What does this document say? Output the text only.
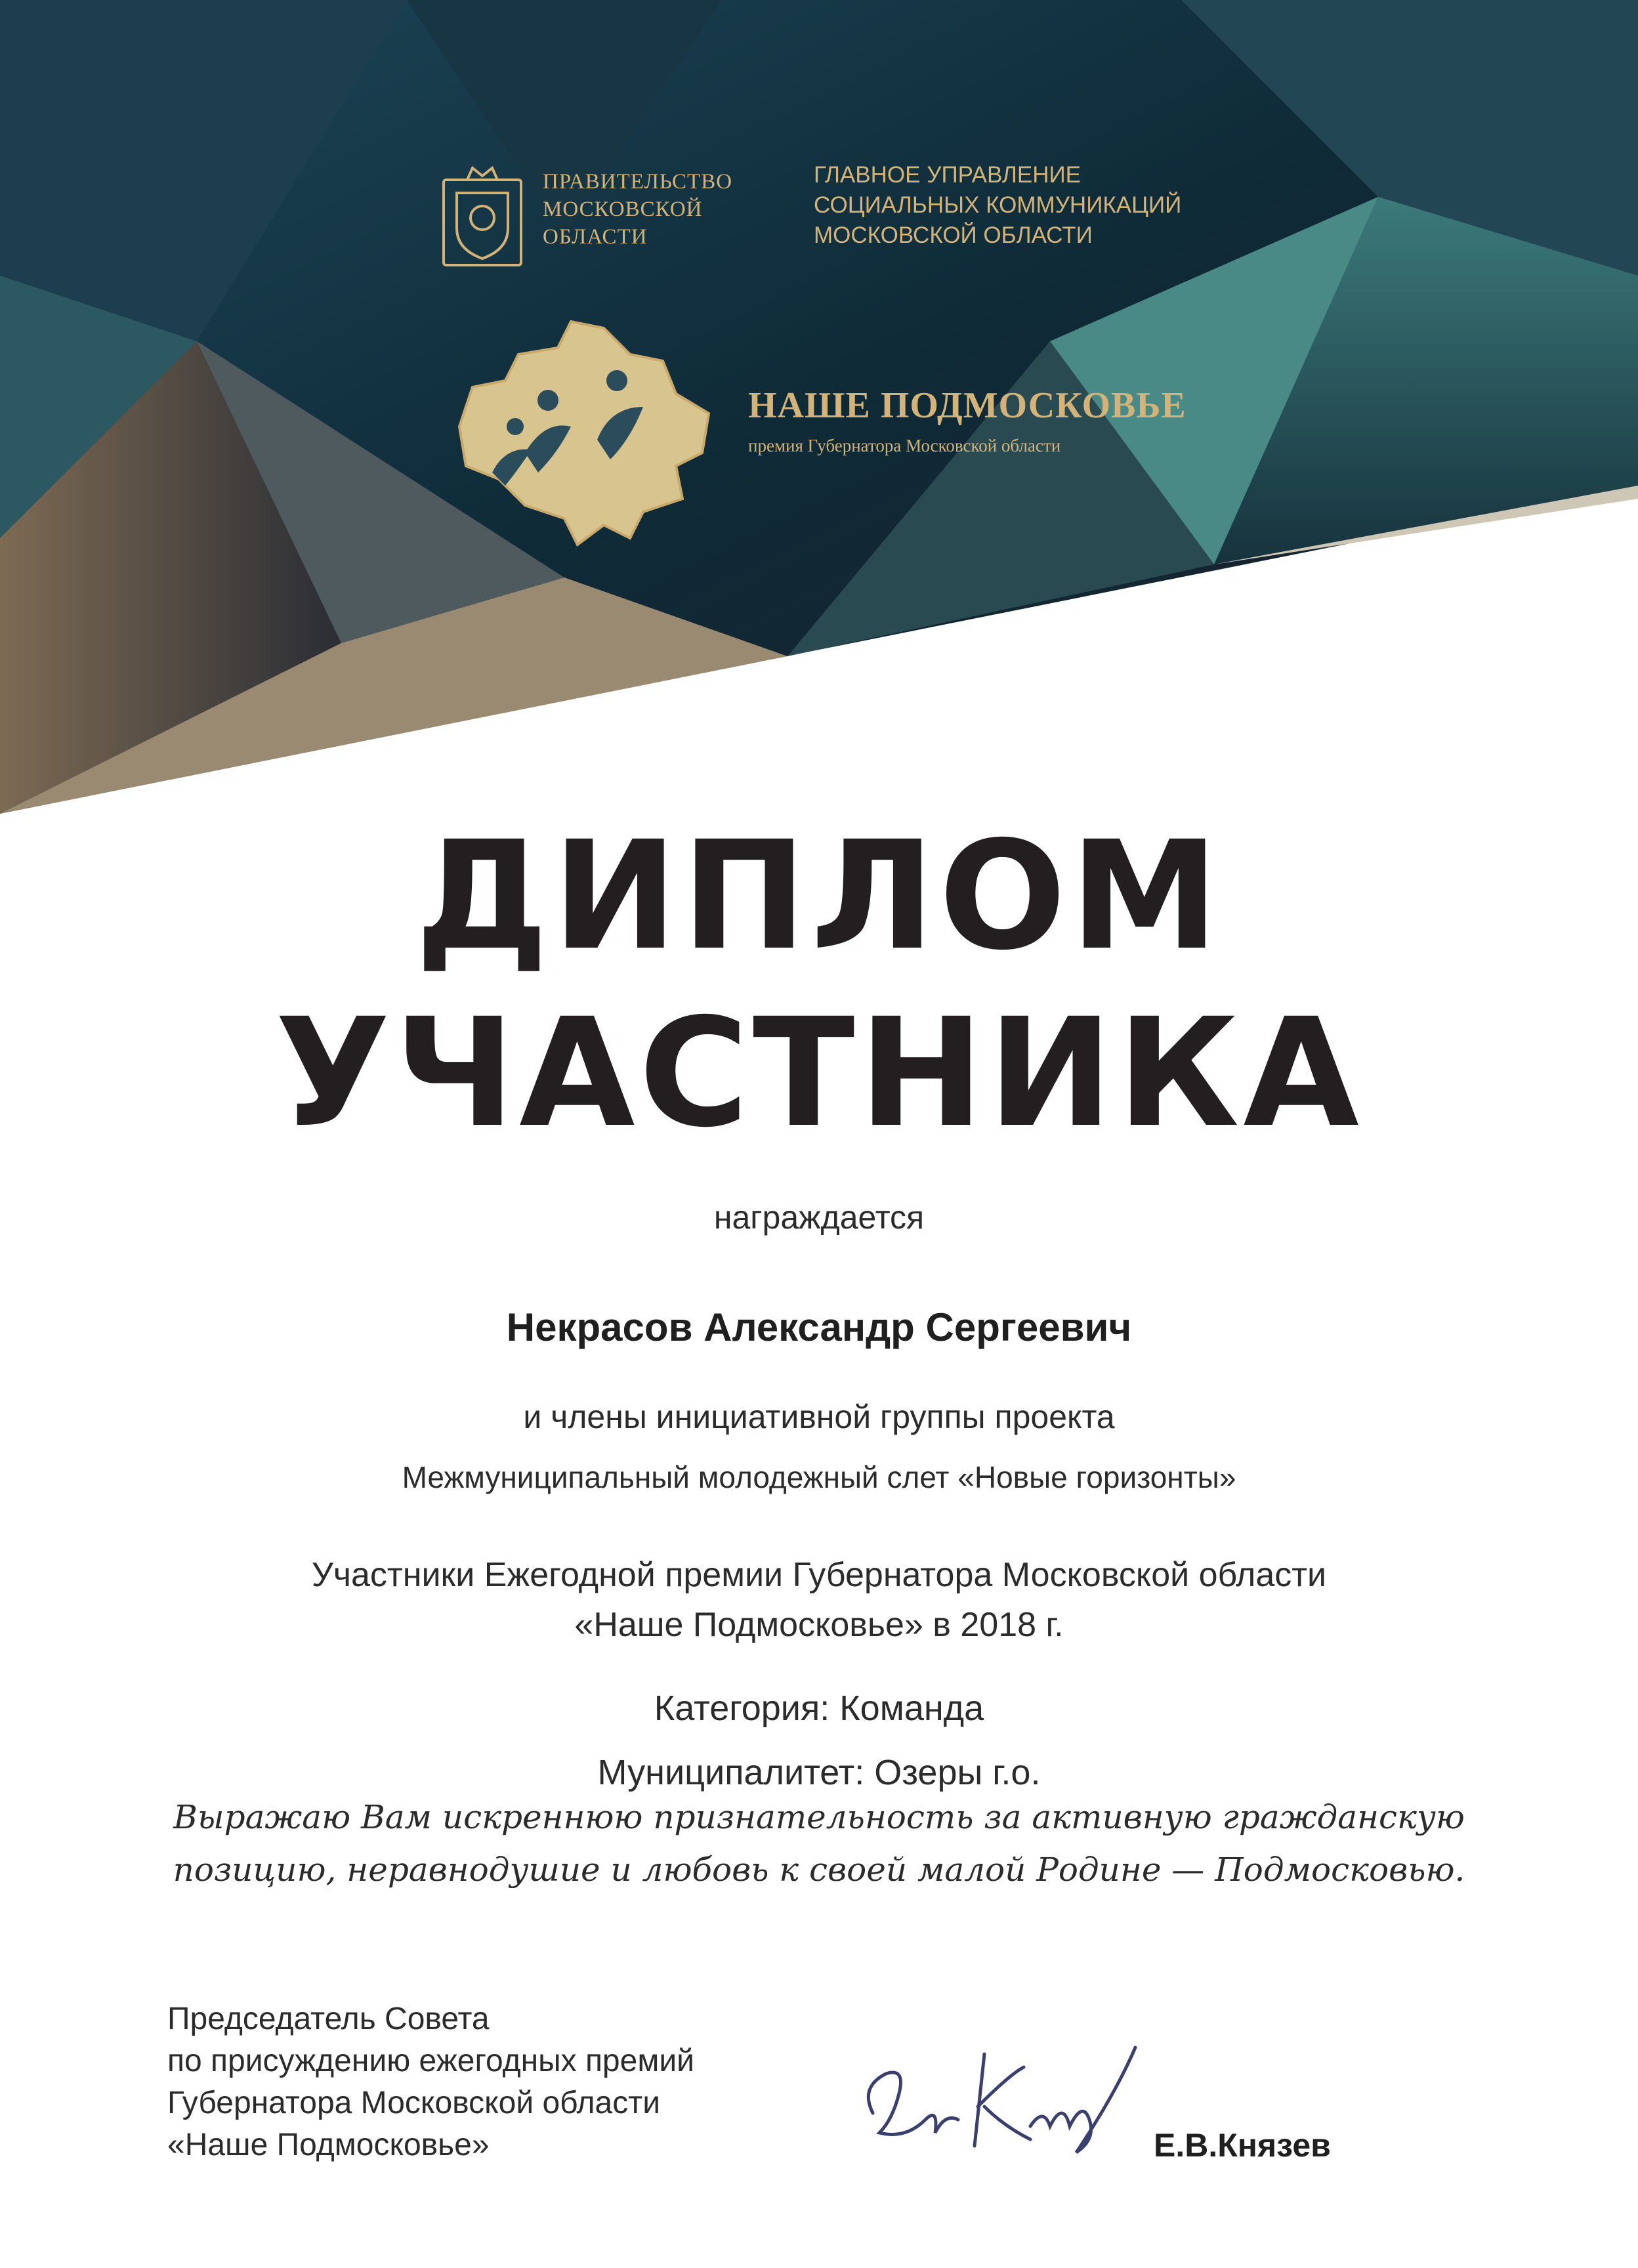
ПРАВИТЕЛЬСТВО
МОСКОВСКОЙ
ОБЛАСТИ
ГЛАВНОЕ УПРАВЛЕНИЕ
СОЦИАЛЬНЫХ КОММУНИКАЦИЙ
МОСКОВСКОЙ ОБЛАСТИ
НАШЕ ПОДМОСКОВЬЕ
премия Губернатора Московской области
ДИПЛОМ
УЧАСТНИКА
награждается
Некрасов Александр Сергеевич
и члены инициативной группы проекта
Межмуниципальный молодежный слет «Новые горизонты»
Участники Ежегодной премии Губернатора Московской области
«Наше Подмосковье» в 2018 г.
Категория: Команда
Муниципалитет: Озеры г.о.
Выражаю Вам искреннюю признательность за активную гражданскую
позицию, неравнодушие и любовь к своей малой Родине — Подмосковью.
Председатель Совета
по присуждению ежегодных премий
Губернатора Московской области
«Наше Подмосковье»	Е.В.Князев
